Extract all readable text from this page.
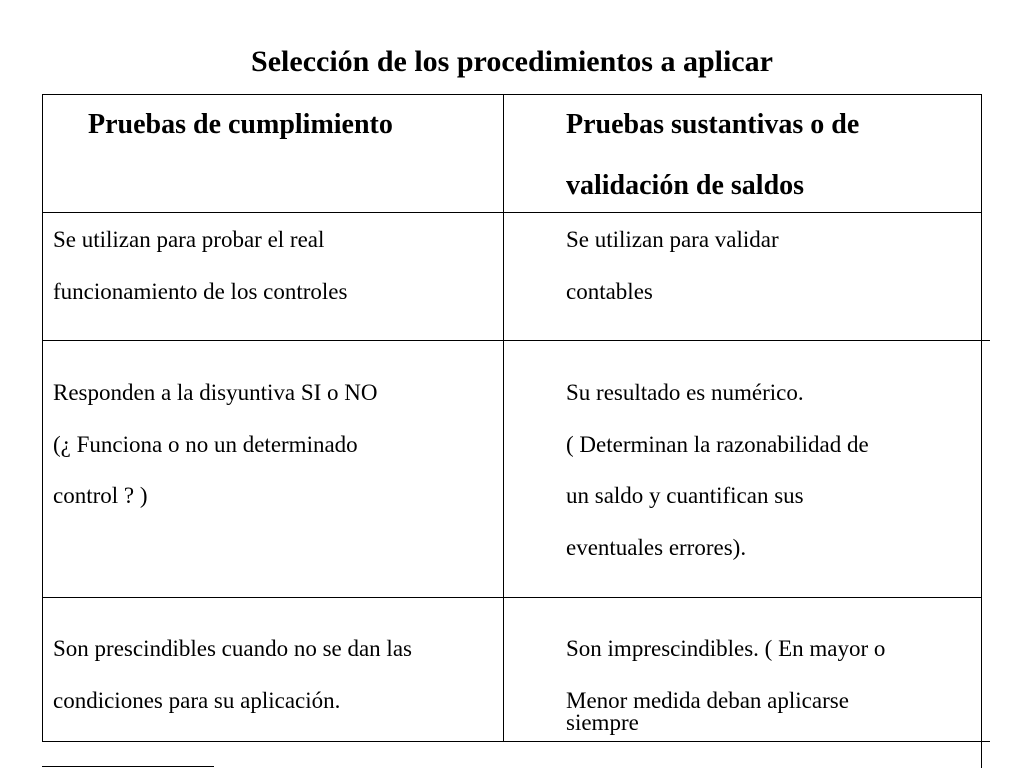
Selección de los procedimientos a aplicar
Pruebas de cumplimiento	Pruebas sustantivas o de
validación de saldos
Se utilizan para probar el real
funcionamiento de los controles
Se utilizan para validar
contables
Responden a la disyuntiva SI o NO
(¿ Funciona o no un determinado
control ? )
Su resultado es numérico.
( Determinan la razonabilidad de
un saldo y cuantifican sus
eventuales errores).
Son prescindibles cuando no se dan las
condiciones para su aplicación.
Son imprescindibles. ( En mayor o
Menor medida deban aplicarse
siempre
